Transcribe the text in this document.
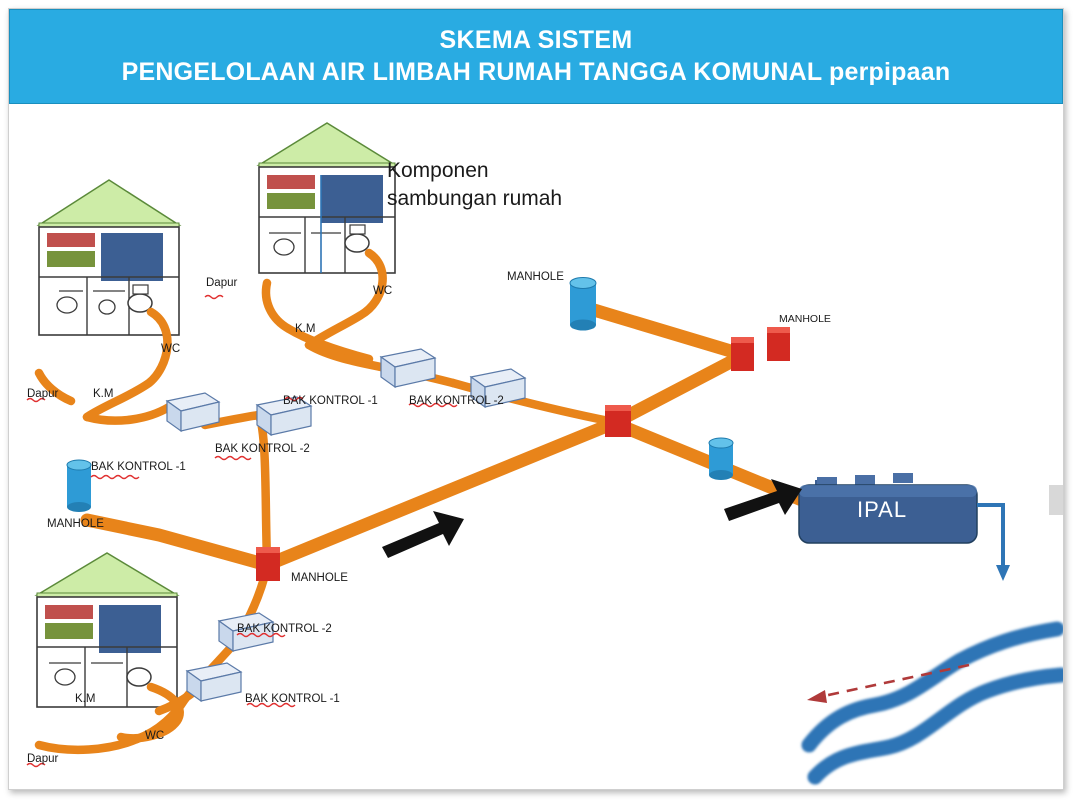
SKEMA SISTEM
PENGELOLAAN AIR LIMBAH RUMAH TANGGA KOMUNAL perpipaan
Komponen
sambungan rumah
WC
Dapur	K.M
BAK KONTROL -1
BAK KONTROL -2
MANHOLE
WC
Dapur
K.M
BAK KONTROL -1	BAK KONTROL -2
WC
Dapur
K.M	BAK KONTROL -1
BAK KONTROL -2
MANHOLE
MANHOLE
MANHOLE
IPAL
